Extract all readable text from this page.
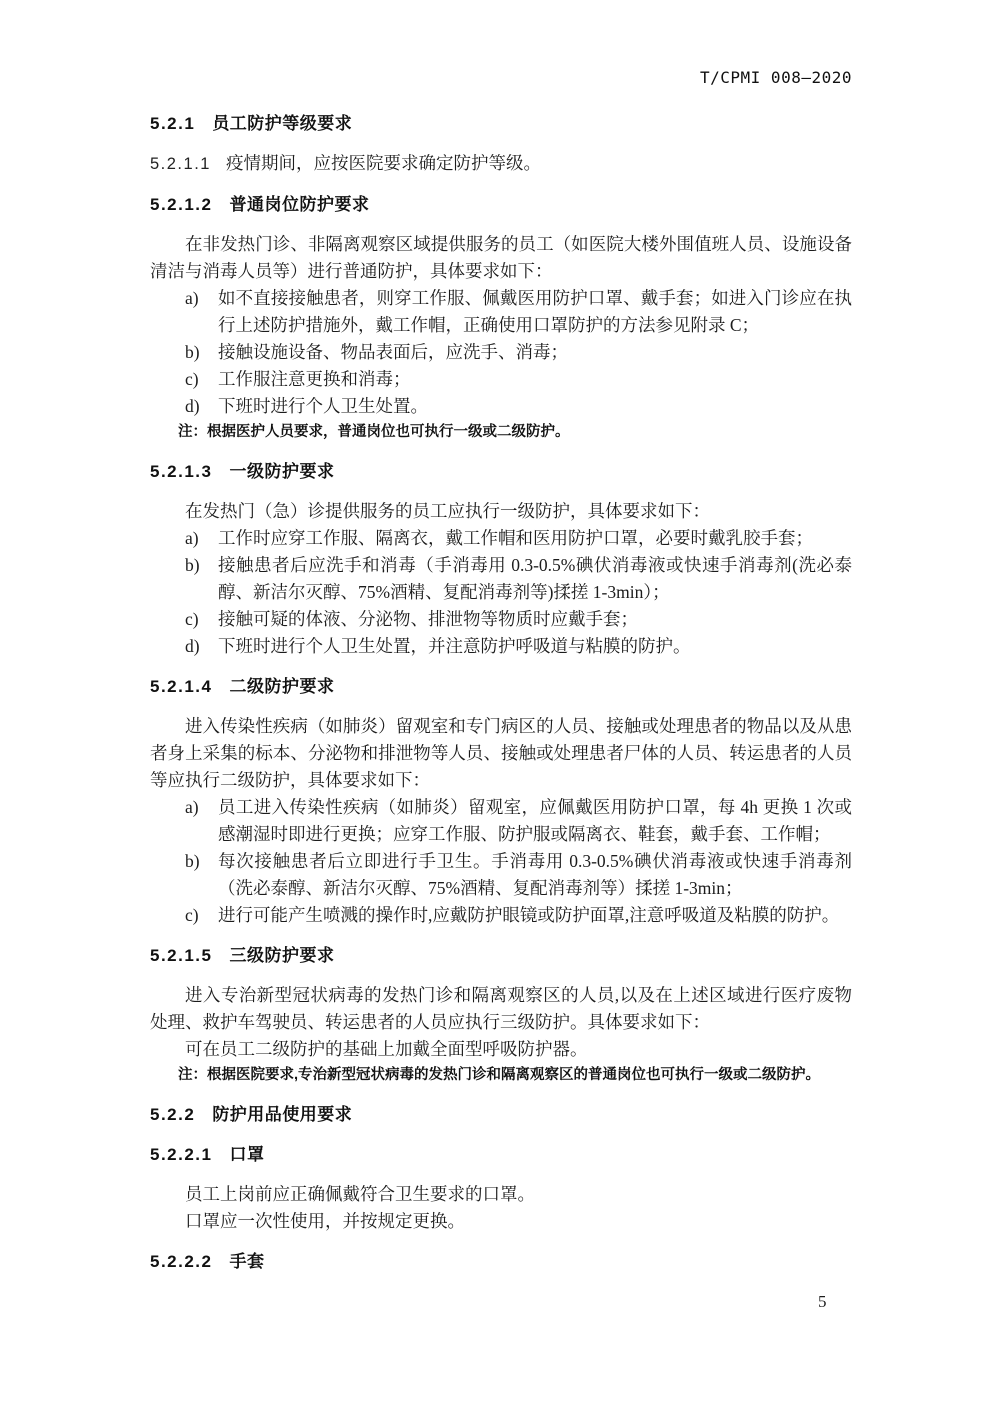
T/CPMI 008—2020
5.2.1 员工防护等级要求
5.2.1.1 疫情期间，应按医院要求确定防护等级。
5.2.1.2 普通岗位防护要求

在非发热门诊、非隔离观察区域提供服务的员工（如医院大楼外围值班人员、设施设备清洁与消毒人员等）进行普通防护，具体要求如下：

a)	如不直接接触患者，则穿工作服、佩戴医用防护口罩、戴手套；如进入门诊应在执行上述防护措施外，戴工作帽，正确使用口罩防护的方法参见附录 C；
b)	接触设施设备、物品表面后，应洗手、消毒；
c)	工作服注意更换和消毒；
d)	下班时进行个人卫生处置。

注：根据医护人员要求，普通岗位也可执行一级或二级防护。

5.2.1.3 一级防护要求

在发热门（急）诊提供服务的员工应执行一级防护，具体要求如下：

a)	工作时应穿工作服、隔离衣，戴工作帽和医用防护口罩，必要时戴乳胶手套；
b)	接触患者后应洗手和消毒（手消毒用 0.3-0.5%碘伏消毒液或快速手消毒剂(洗必泰醇、新洁尔灭醇、75%酒精、复配消毒剂等)揉搓 1-3min）；
c)	接触可疑的体液、分泌物、排泄物等物质时应戴手套；
d)	下班时进行个人卫生处置，并注意防护呼吸道与粘膜的防护。
5.2.1.4 二级防护要求

进入传染性疾病（如肺炎）留观室和专门病区的人员、接触或处理患者的物品以及从患者身上采集的标本、分泌物和排泄物等人员、接触或处理患者尸体的人员、转运患者的人员等应执行二级防护，具体要求如下：

a)	员工进入传染性疾病（如肺炎）留观室，应佩戴医用防护口罩，每 4h 更换 1 次或感潮湿时即进行更换；应穿工作服、防护服或隔离衣、鞋套，戴手套、工作帽；
b)	每次接触患者后立即进行手卫生。手消毒用 0.3-0.5%碘伏消毒液或快速手消毒剂（洗必泰醇、新洁尔灭醇、75%酒精、复配消毒剂等）揉搓 1-3min；
c)	进行可能产生喷溅的操作时,应戴防护眼镜或防护面罩,注意呼吸道及粘膜的防护。
5.2.1.5 三级防护要求

进入专治新型冠状病毒的发热门诊和隔离观察区的人员,以及在上述区域进行医疗废物处理、救护车驾驶员、转运患者的人员应执行三级防护。具体要求如下：

可在员工二级防护的基础上加戴全面型呼吸防护器。

注：根据医院要求,专治新型冠状病毒的发热门诊和隔离观察区的普通岗位也可执行一级或二级防护。

5.2.2 防护用品使用要求
5.2.2.1 口罩

员工上岗前应正确佩戴符合卫生要求的口罩。

口罩应一次性使用，并按规定更换。

5.2.2.2 手套
5
